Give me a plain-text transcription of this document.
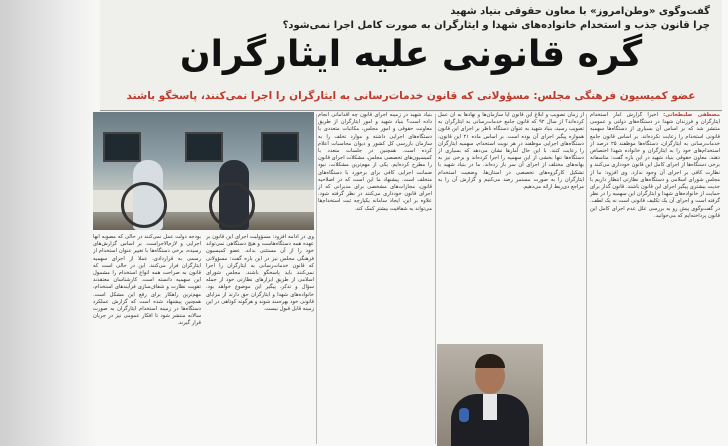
گفت‌وگوی «وطن‌امروز» با معاون حقوقی بنیاد شهید
چرا قانون جذب و استخدام خانواده‌های شهدا و ایثارگران به صورت کامل اجرا نمی‌شود؟
گره قانونی علیه ایثارگران
عضو کمیسیون فرهنگی مجلس: مسؤولانی که قانون خدمات‌رسانی به ایثارگران را اجرا نمی‌کنند، پاسخگو باشند
مصطفی صلبطخانی: اخیرا گزارش آمار استخدام ایثارگران و فرزندان شهدا در دستگاه‌های دولتی و عمومی منتشر شد که بر اساس آن بسیاری از دستگاه‌ها سهمیه قانونی استخدام را رعایت نکرده‌اند. بر اساس قانون جامع خدمات‌رسانی به ایثارگران، دستگاه‌ها موظفند ۲۵ درصد از استخدام‌های خود را به ایثارگران و خانواده شهدا اختصاص دهند. معاون حقوقی بنیاد شهید در این باره گفت: متاسفانه برخی دستگاه‌ها از اجرای کامل این قانون خودداری می‌کنند و نظارت کافی بر اجرای آن وجود ندارد. وی افزود: ما از مجلس شورای اسلامی و دستگاه‌های نظارتی انتظار داریم با جدیت بیشتری پیگیر اجرای این قانون باشند. قانون گذار برای حمایت از خانواده‌های شهدا و ایثارگران این سهمیه را در نظر گرفته است و اجرای آن یک تکلیف قانونی است نه یک لطف. در گفت‌وگوی پیش رو به بررسی علل عدم اجرای کامل این قانون پرداخته‌ایم که می‌خوانید.
از زمان تصویب و ابلاغ این قانون آیا سازمان‌ها و نهادها به آن عمل کرده‌اند؟ از سال ۹۲ که قانون جامع خدمات‌رسانی به ایثارگران به تصویب رسید، بنیاد شهید به عنوان دستگاه ناظر بر اجرای این قانون همواره پیگیر اجرای آن بوده است. بر اساس ماده ۲۱ این قانون، دستگاه‌های اجرایی موظفند در هر نوبت استخدام، سهمیه ایثارگران را رعایت کنند. با این حال آمارها نشان می‌دهد که بسیاری از دستگاه‌ها تنها بخشی از این سهمیه را اجرا کرده‌اند و برخی نیز به بهانه‌های مختلف از اجرای آن سر باز زده‌اند. ما در بنیاد شهید با تشکیل کارگروه‌های تخصصی در استان‌ها، وضعیت استخدام ایثارگران را به صورت مستمر رصد می‌کنیم و گزارش آن را به مراجع ذی‌ربط ارائه می‌دهیم.
بنیاد شهید در زمینه اجرای قانون چه اقداماتی انجام داده است؟ بنیاد شهید و امور ایثارگران از طریق معاونت حقوقی و امور مجلس، مکاتبات متعددی با دستگاه‌های اجرایی داشته و موارد تخلف را به سازمان بازرسی کل کشور و دیوان محاسبات اعلام کرده است. همچنین در جلسات متعدد با کمیسیون‌های تخصصی مجلس، مشکلات اجرای قانون را مطرح کرده‌ایم. یکی از مهم‌ترین مشکلات، نبود ضمانت اجرایی کافی برای برخورد با دستگاه‌های متخلف است. پیشنهاد ما این است که در اصلاحیه قانون، مجازات‌های مشخصی برای مدیرانی که از اجرای قانون خودداری می‌کنند در نظر گرفته شود. علاوه بر این، ایجاد سامانه یکپارچه ثبت استخدام‌ها می‌تواند به شفافیت بیشتر کمک کند.
وی در ادامه افزود: مسؤولیت اجرای این قانون بر عهده همه دستگاه‌هاست و هیچ دستگاهی نمی‌تواند خود را از آن مستثنی بداند. عضو کمیسیون فرهنگی مجلس نیز در این باره گفت: مسؤولانی که قانون خدمات‌رسانی به ایثارگران را اجرا نمی‌کنند باید پاسخگو باشند. مجلس شورای اسلامی از طریق ابزارهای نظارتی خود از جمله سؤال و تذکر، پیگیر این موضوع خواهد بود. خانواده‌های شهدا و ایثارگران حق دارند از مزایای قانونی خود بهره‌مند شوند و هرگونه کوتاهی در این زمینه قابل قبول نیست.
بودجه دولت عمل نمی‌کنند در حالی که مصوبه آنها اجرایی و لازم‌الاجراست. بر اساس گزارش‌های رسیده، برخی دستگاه‌ها با تغییر عنوان استخدام از رسمی به قراردادی، عملا از اجرای سهمیه ایثارگران فرار می‌کنند. این در حالی است که قانون به صراحت همه انواع استخدام را مشمول این سهمیه دانسته است. کارشناسان معتقدند تقویت نظارت و شفاف‌سازی فرآیندهای استخدام، مهم‌ترین راهکار برای رفع این مشکل است. همچنین پیشنهاد شده است که گزارش عملکرد دستگاه‌ها در زمینه استخدام ایثارگران به صورت سالانه منتشر شود تا افکار عمومی نیز در جریان قرار گیرند.
